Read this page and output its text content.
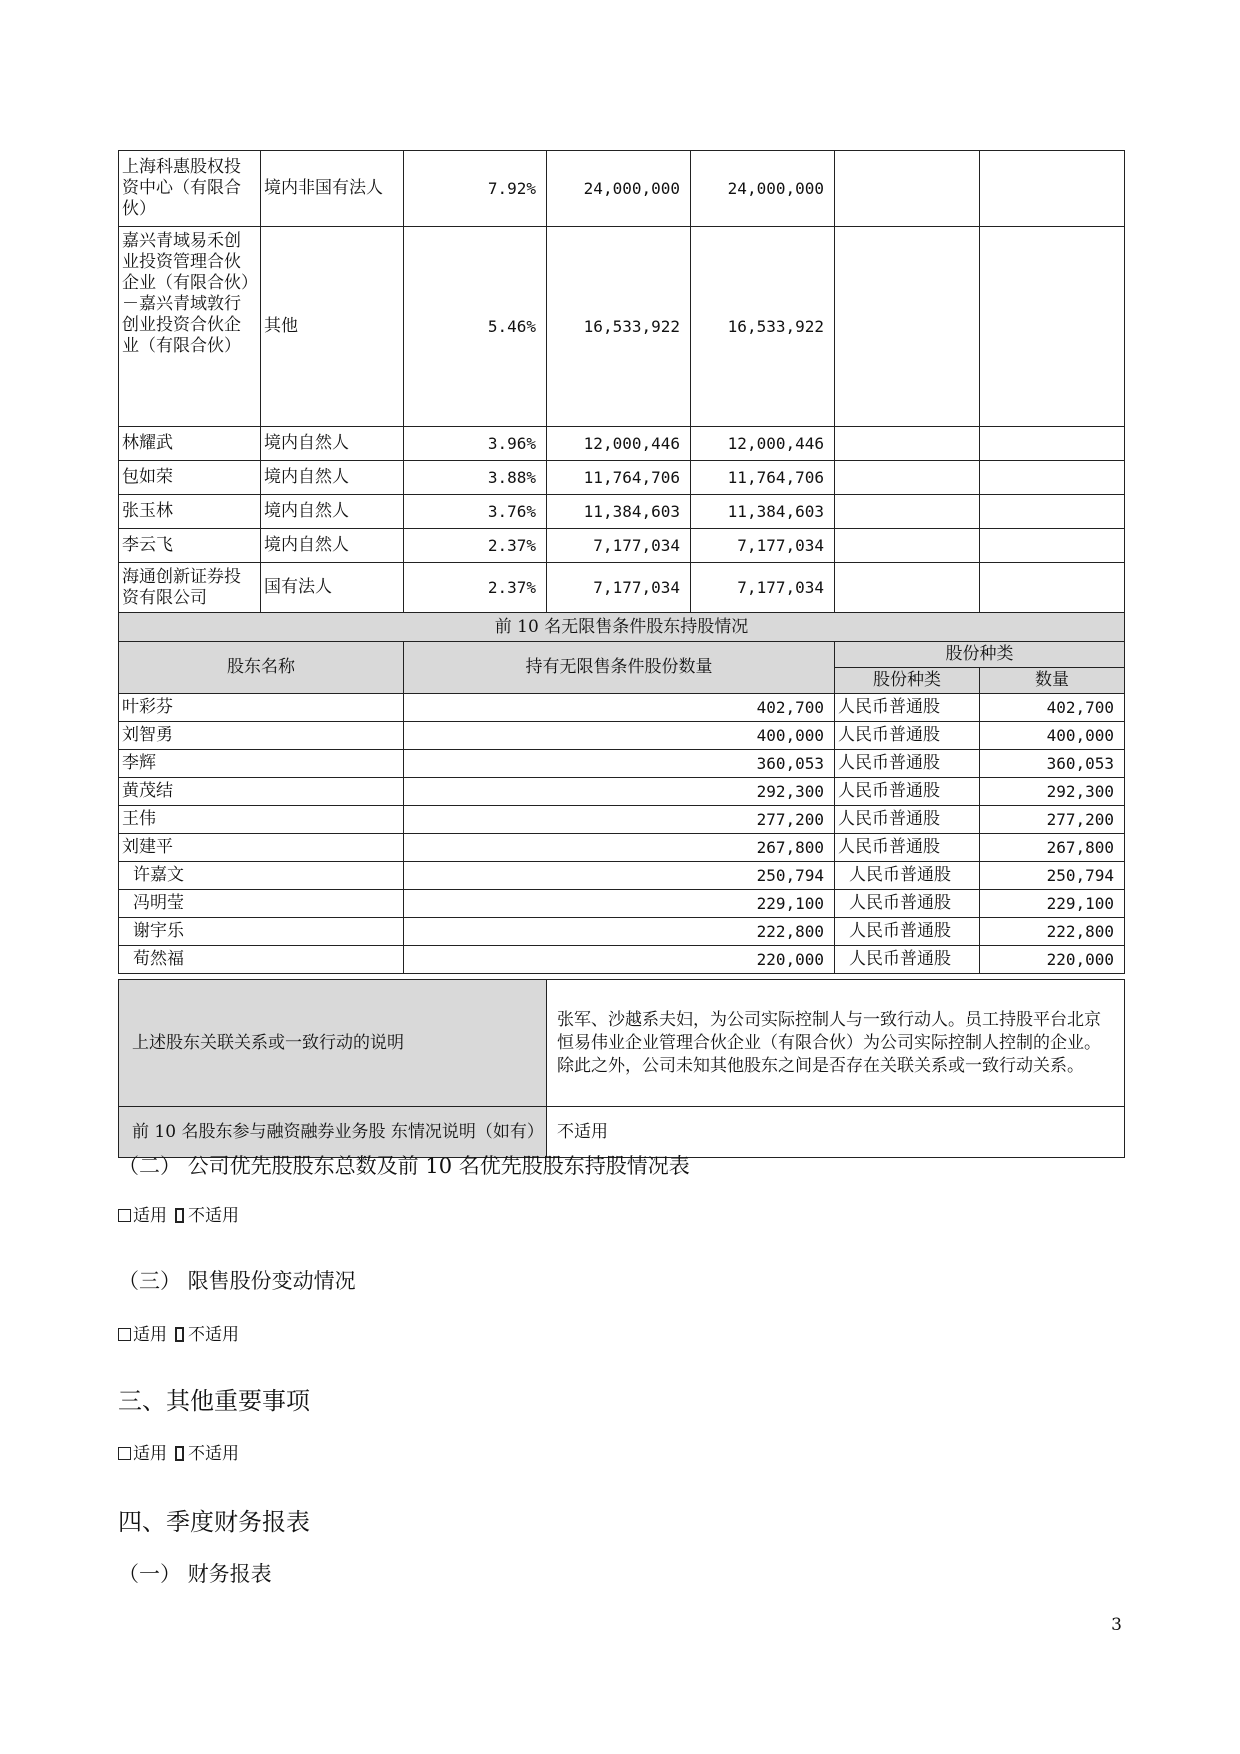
上海科惠股权投资中心（有限合伙）	境内非国有法人	7.92%	24,000,000	24,000,000		
嘉兴青域易禾创业投资管理合伙企业（有限合伙）－嘉兴青域敦行创业投资合伙企业（有限合伙）	其他	5.46%	16,533,922	16,533,922		
林耀武	境内自然人	3.96%	12,000,446	12,000,446		
包如荣	境内自然人	3.88%	11,764,706	11,764,706		
张玉林	境内自然人	3.76%	11,384,603	11,384,603		
李云飞	境内自然人	2.37%	7,177,034	7,177,034		
海通创新证券投资有限公司	国有法人	2.37%	7,177,034	7,177,034		
前 10 名无限售条件股东持股情况						
股东名称		持有无限售条件股份数量			股份种类	
					股份种类	数量
叶彩芬		402,700			人民币普通股	402,700
刘智勇		400,000			人民币普通股	400,000
李辉		360,053			人民币普通股	360,053
黄茂结		292,300			人民币普通股	292,300
王伟		277,200			人民币普通股	277,200
刘建平		267,800			人民币普通股	267,800
许嘉文		250,794			人民币普通股	250,794
冯明莹		229,100			人民币普通股	229,100
谢宇乐		222,800			人民币普通股	222,800
荀然福		220,000			人民币普通股	220,000
上述股东关联关系或一致行动的说明	张军、沙越系夫妇，为公司实际控制人与一致行动人。员工持股平台北京恒易伟业企业管理合伙企业（有限合伙）为公司实际控制人控制的企业。
除此之外，公司未知其他股东之间是否存在关联关系或一致行动关系。

前 10 名股东参与融资融券业务股 东情况说明（如有）	不适用
（二） 公司优先股股东总数及前 10 名优先股股东持股情况表
适用 不适用
（三） 限售股份变动情况
适用 不适用
三、其他重要事项
适用 不适用
四、季度财务报表
（一） 财务报表
3
